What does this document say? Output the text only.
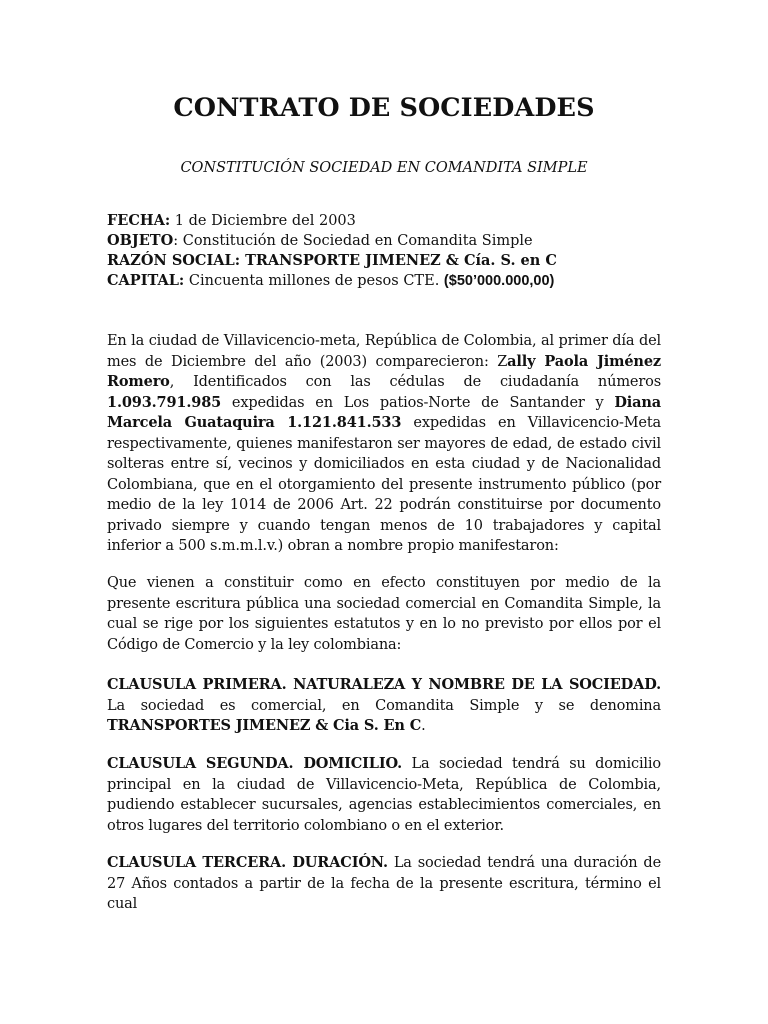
CONTRATO DE SOCIEDADES
CONSTITUCIÓN SOCIEDAD EN COMANDITA SIMPLE
FECHA: 1 de Diciembre del 2003
OBJETO: Constitución de Sociedad en Comandita Simple
RAZÓN SOCIAL: TRANSPORTE JIMENEZ & Cía. S. en C
CAPITAL: Cincuenta millones de pesos CTE. ($50’000.000,00)
En la ciudad de Villavicencio-meta, República de Colombia, al primer día del mes de Diciembre del año (2003) comparecieron: Zally Paola Jiménez Romero, Identificados con las cédulas de ciudadanía números 1.093.791.985 expedidas en Los patios-Norte de Santander y Diana Marcela Guataquira 1.121.841.533 expedidas en Villavicencio-Meta respectivamente, quienes manifestaron ser mayores de edad, de estado civil solteras entre sí, vecinos y domiciliados en esta ciudad y de Nacionalidad Colombiana, que en el otorgamiento del presente instrumento público (por medio de la ley 1014 de 2006 Art. 22 podrán constituirse por documento privado siempre y cuando tengan menos de 10 trabajadores y capital inferior a 500 s.m.m.l.v.) obran a nombre propio manifestaron:
Que vienen a constituir como en efecto constituyen por medio de la presente escritura pública una sociedad comercial en Comandita Simple, la cual se rige por los siguientes estatutos y en lo no previsto por ellos por el Código de Comercio y la ley colombiana:
CLAUSULA PRIMERA. NATURALEZA Y NOMBRE DE LA SOCIEDAD. La sociedad es comercial, en Comandita Simple y se denomina TRANSPORTES JIMENEZ & Cia S. En C.
CLAUSULA SEGUNDA. DOMICILIO. La sociedad tendrá su domicilio principal en la ciudad de Villavicencio-Meta, República de Colombia, pudiendo establecer sucursales, agencias establecimientos comerciales, en otros lugares del territorio colombiano o en el exterior.
CLAUSULA TERCERA. DURACIÓN. La sociedad tendrá una duración de 27 Años contados a partir de la fecha de la presente escritura, término el cual
